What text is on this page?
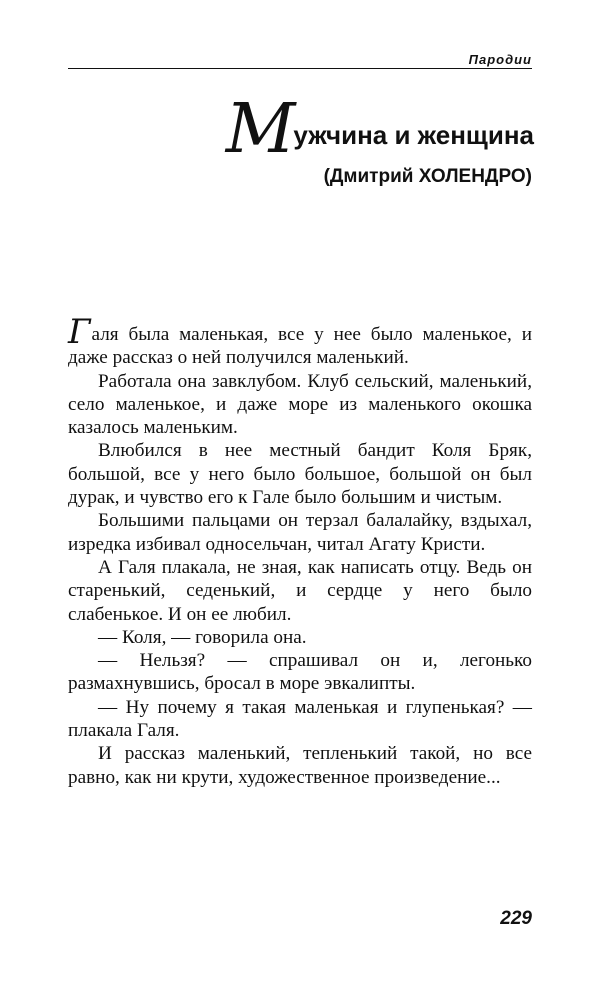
Пародии
Мужчина и женщина
(Дмитрий ХОЛЕНДРО)

Галя была маленькая, все у нее было маленькое, и даже рассказ о ней получился маленький.

Работала она завклубом. Клуб сельский, маленький, село маленькое, и даже море из маленького окошка казалось маленьким.

Влюбился в нее местный бандит Коля Бряк, большой, все у него было большое, большой он был дурак, и чувство его к Гале было большим и чистым.

Большими пальцами он терзал балалайку, вздыхал, изредка избивал односельчан, читал Агату Кристи.

А Галя плакала, не зная, как написать отцу. Ведь он старенький, седенький, и сердце у него было слабенькое. И он ее любил.

— Коля, — говорила она.

— Нельзя? — спрашивал он и, легонько размахнувшись, бросал в море эвкалипты.

— Ну почему я такая маленькая и глупенькая? — плакала Галя.

И рассказ маленький, тепленький такой, но все равно, как ни крути, художественное произведение...

229
